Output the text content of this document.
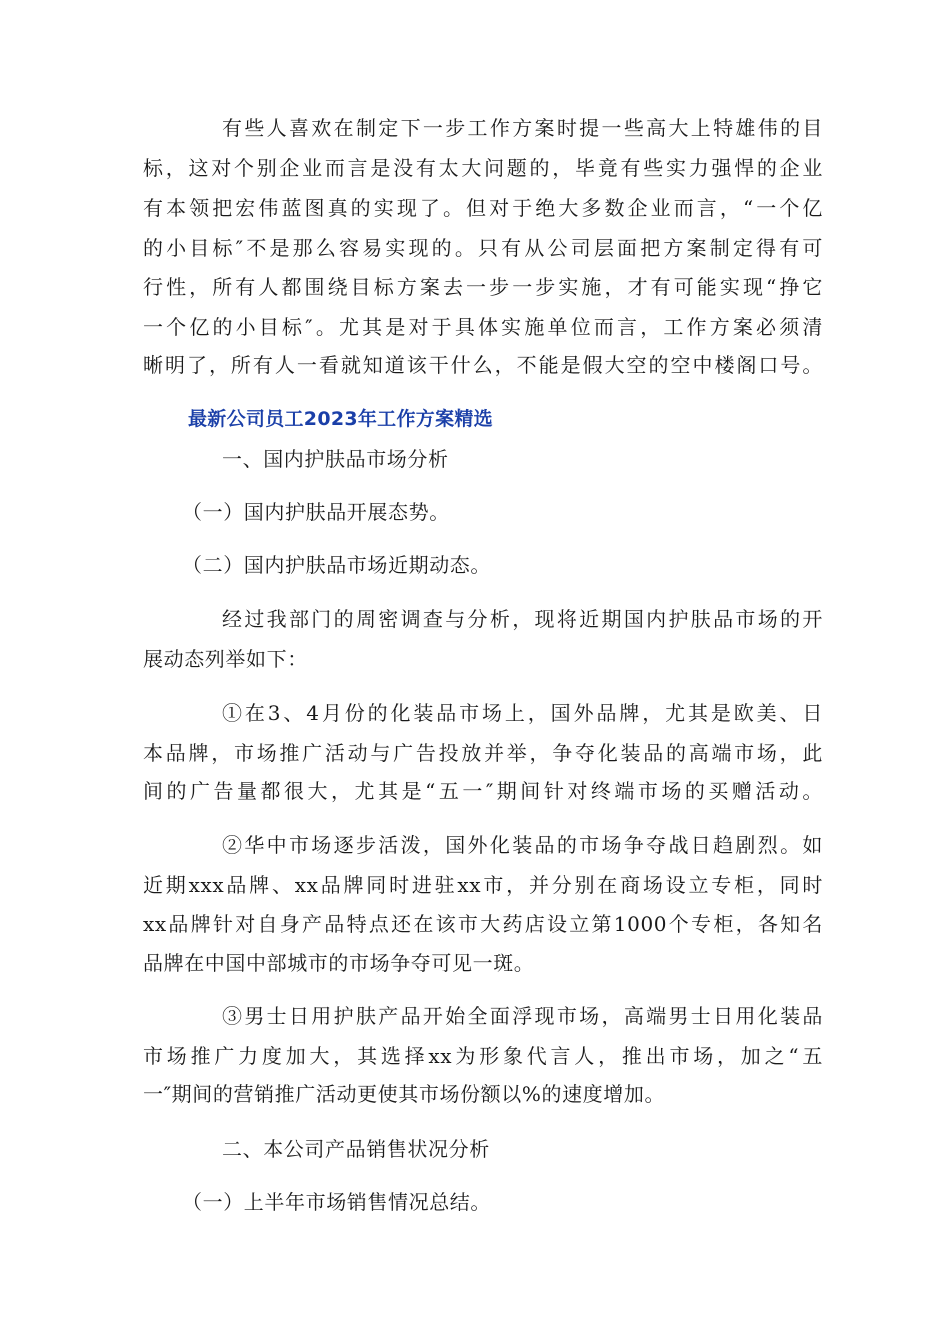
有些人喜欢在制定下一步工作方案时提一些高大上特雄伟的目
标，这对个别企业而言是没有太大问题的，毕竟有些实力强悍的企业
有本领把宏伟蓝图真的实现了。但对于绝大多数企业而言，“一个亿
的小目标″不是那么容易实现的。只有从公司层面把方案制定得有可
行性，所有人都围绕目标方案去一步一步实施，才有可能实现“挣它
一个亿的小目标″。尤其是对于具体实施单位而言，工作方案必须清
晰明了，所有人一看就知道该干什么，不能是假大空的空中楼阁口号。
最新公司员工2023年工作方案精选
一、国内护肤品市场分析
（一）国内护肤品开展态势。
（二）国内护肤品市场近期动态。
经过我部门的周密调查与分析，现将近期国内护肤品市场的开
展动态列举如下：
①在3、4月份的化装品市场上，国外品牌，尤其是欧美、日
本品牌，市场推广活动与广告投放并举，争夺化装品的高端市场，此
间的广告量都很大，尤其是“五一″期间针对终端市场的买赠活动。
②华中市场逐步活泼，国外化装品的市场争夺战日趋剧烈。如
近期xxx品牌、xx品牌同时进驻xx市，并分别在商场设立专柜，同时
xx品牌针对自身产品特点还在该市大药店设立第1000个专柜，各知名
品牌在中国中部城市的市场争夺可见一斑。
③男士日用护肤产品开始全面浮现市场，高端男士日用化装品
市场推广力度加大，其选择xx为形象代言人，推出市场，加之“五
一″期间的营销推广活动更使其市场份额以%的速度增加。
二、本公司产品销售状况分析
（一）上半年市场销售情况总结。
